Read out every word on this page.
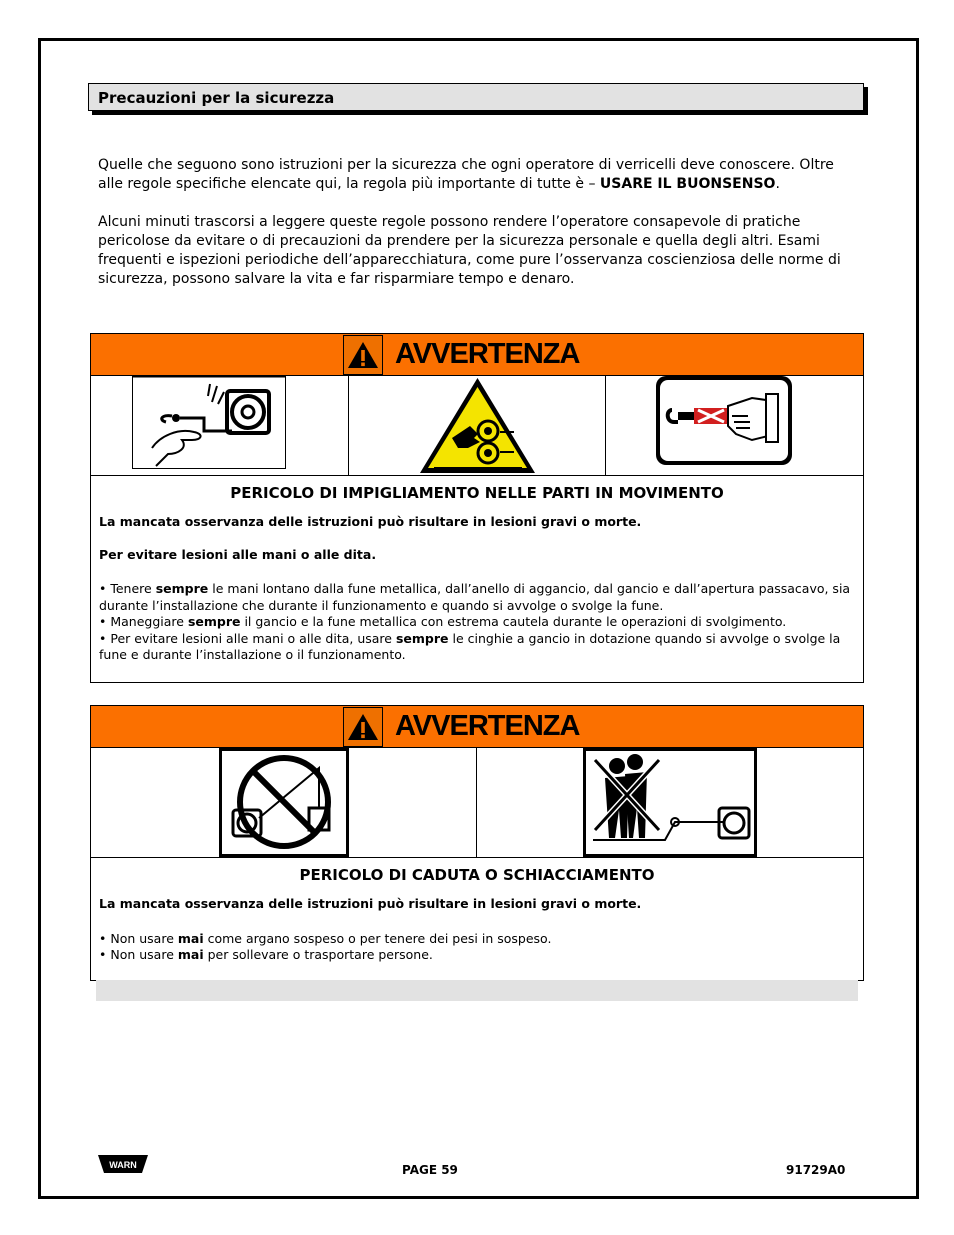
Precauzioni per la sicurezza
Quelle che seguono sono istruzioni per la sicurezza che ogni operatore di verricelli deve conoscere. Oltre alle regole specifiche elencate qui, la regola più importante di tutte è – USARE IL BUONSENSO.
Alcuni minuti trascorsi a leggere queste regole possono rendere l’operatore consapevole di pratiche pericolose da evitare o di precauzioni da prendere per la sicurezza personale e quella degli altri. Esami frequenti e ispezioni periodiche dell’apparecchiatura, come pure l’osservanza coscienziosa delle norme di sicurezza, possono salvare la vita e far risparmiare tempo e denaro.
AVVERTENZA
PERICOLO DI IMPIGLIAMENTO NELLE PARTI IN MOVIMENTO
La mancata osservanza delle istruzioni può risultare in lesioni gravi o morte.
Per evitare lesioni alle mani o alle dita.
• Tenere sempre le mani lontano dalla fune metallica, dall’anello di aggancio, dal gancio e dall’apertura passacavo, sia durante l’installazione che durante il funzionamento e quando si avvolge o svolge la fune.
• Maneggiare sempre il gancio e la fune metallica con estrema cautela durante le operazioni di svolgimento.
• Per evitare lesioni alle mani o alle dita, usare sempre le cinghie a gancio in dotazione quando si avvolge o svolge la fune e durante l’installazione o il funzionamento.
AVVERTENZA
PERICOLO DI CADUTA O SCHIACCIAMENTO
La mancata osservanza delle istruzioni può risultare in lesioni gravi o morte.
• Non usare mai come argano sospeso o per tenere dei pesi in sospeso.
• Non usare mai per sollevare o trasportare persone.
WARN	PAGE 59	91729A0
